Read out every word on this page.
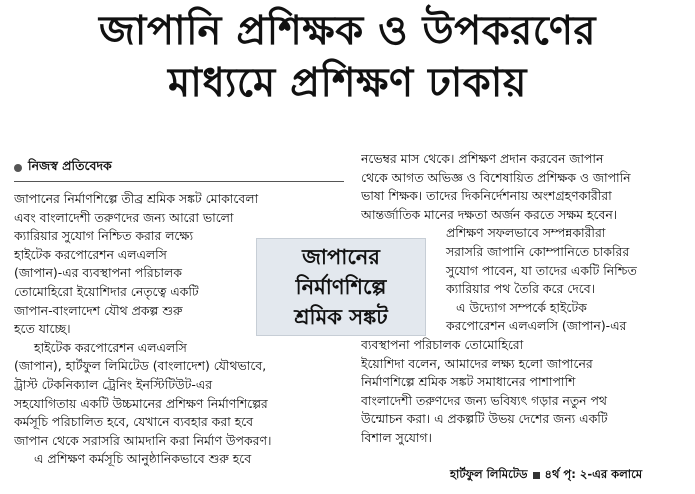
জাপানি প্রশিক্ষক ও উপকরণের
মাধ্যমে প্রশিক্ষণ ঢাকায়
নিজস্ব প্রতিবেদক
জাপানের নির্মাণশিল্পে তীব্র শ্রমিক সঙ্কট মোকাবেলা
এবং বাংলাদেশী তরুণদের জন্য আরো ভালো
ক্যারিয়ার সুযোগ নিশ্চিত করার লক্ষ্যে
হাইটেক করপোরেশন এলএলসি
(জাপান)-এর ব্যবস্থাপনা পরিচালক
তোমোহিরো ইয়োশিদার নেতৃত্বে একটি
জাপান-বাংলাদেশ যৌথ প্রকল্প শুরু
হতে যাচ্ছে।
হাইটেক করপোরেশন এলএলসি
(জাপান), হার্টফুল লিমিটেড (বাংলাদেশ) যৌথভাবে,
ট্রাস্ট টেকনিক্যাল ট্রেনিং ইনস্টিটিউট-এর
সহযোগিতায় একটি উচ্চমানের প্রশিক্ষণ নির্মাণশিল্পের
কর্মসূচি পরিচালিত হবে, যেখানে ব্যবহার করা হবে
জাপান থেকে সরাসরি আমদানি করা নির্মাণ উপকরণ।
এ প্রশিক্ষণ কর্মসূচি আনুষ্ঠানিকভাবে শুরু হবে
নভেম্বর মাস থেকে। প্রশিক্ষণ প্রদান করবেন জাপান
থেকে আগত অভিজ্ঞ ও বিশেষায়িত প্রশিক্ষক ও জাপানি
ভাষা শিক্ষক। তাদের দিকনির্দেশনায় অংশগ্রহণকারীরা
আন্তর্জাতিক মানের দক্ষতা অর্জন করতে সক্ষম হবেন।
প্রশিক্ষণ সফলভাবে সম্পন্নকারীরা
সরাসরি জাপানি কোম্পানিতে চাকরির
সুযোগ পাবেন, যা তাদের একটি নিশ্চিত
ক্যারিয়ার পথ তৈরি করে দেবে।
এ উদ্যোগ সম্পর্কে হাইটেক
করপোরেশন এলএলসি (জাপান)-এর
ব্যবস্থাপনা পরিচালক তোমোহিরো
ইয়োশিদা বলেন, আমাদের লক্ষ্য হলো জাপানের
নির্মাণশিল্পে শ্রমিক সঙ্কট সমাধানের পাশাপাশি
বাংলাদেশী তরুণদের জন্য ভবিষ্যৎ গড়ার নতুন পথ
উন্মোচন করা। এ প্রকল্পটি উভয় দেশের জন্য একটি
বিশাল সুযোগ।
জাপানের
নির্মাণশিল্পে
শ্রমিক সঙ্কট
হার্টফুল লিমিটেড ৪র্থ পৃ: ২-এর কলামে
